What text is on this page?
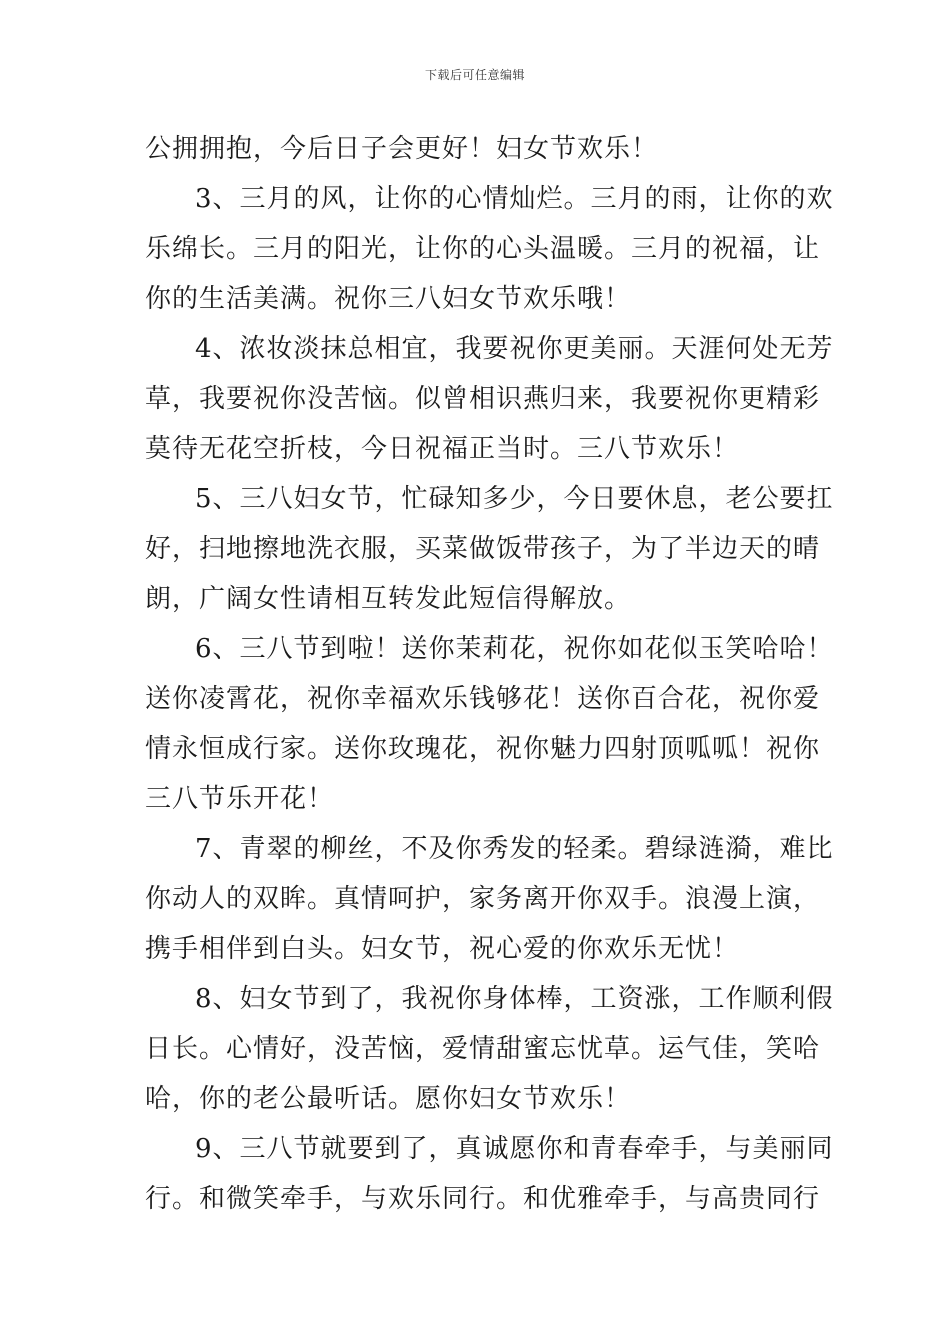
下载后可任意编辑
公拥拥抱，今后日子会更好！妇女节欢乐！
3、三月的风，让你的心情灿烂。三月的雨，让你的欢
乐绵长。三月的阳光，让你的心头温暖。三月的祝福，让
你的生活美满。祝你三八妇女节欢乐哦！
4、浓妆淡抹总相宜，我要祝你更美丽。天涯何处无芳
草，我要祝你没苦恼。似曾相识燕归来，我要祝你更精彩
莫待无花空折枝，今日祝福正当时。三八节欢乐！
5、三八妇女节，忙碌知多少，今日要休息，老公要扛
好，扫地擦地洗衣服，买菜做饭带孩子，为了半边天的晴
朗，广阔女性请相互转发此短信得解放。
6、三八节到啦！送你茉莉花，祝你如花似玉笑哈哈！
送你凌霄花，祝你幸福欢乐钱够花！送你百合花，祝你爱
情永恒成行家。送你玫瑰花，祝你魅力四射顶呱呱！祝你
三八节乐开花！
7、青翠的柳丝，不及你秀发的轻柔。碧绿涟漪，难比
你动人的双眸。真情呵护，家务离开你双手。浪漫上演，
携手相伴到白头。妇女节，祝心爱的你欢乐无忧！
8、妇女节到了，我祝你身体棒，工资涨，工作顺利假
日长。心情好，没苦恼，爱情甜蜜忘忧草。运气佳，笑哈
哈，你的老公最听话。愿你妇女节欢乐！
9、三八节就要到了，真诚愿你和青春牵手，与美丽同
行。和微笑牵手，与欢乐同行。和优雅牵手，与高贵同行
